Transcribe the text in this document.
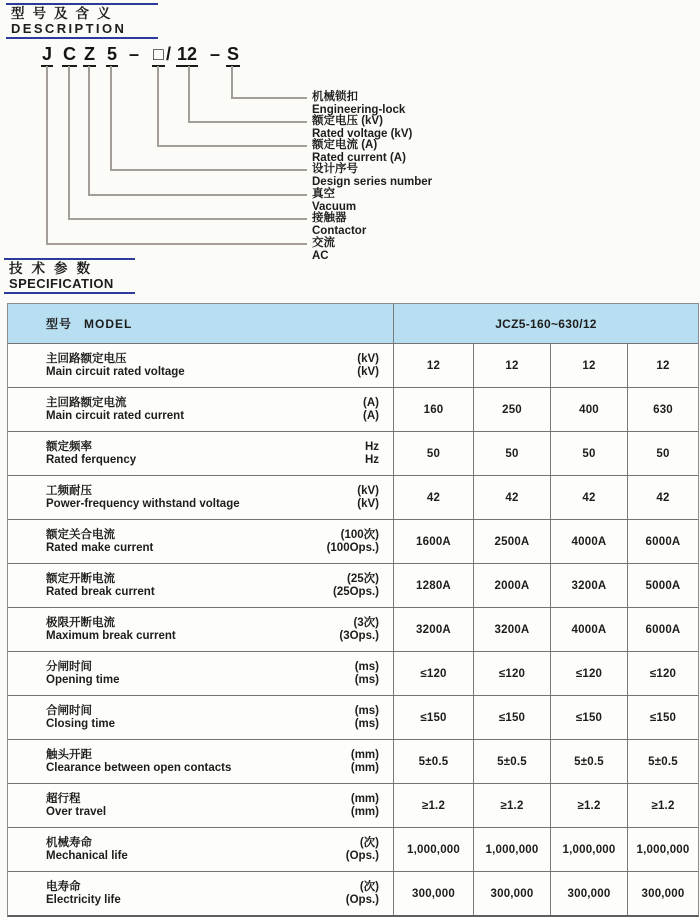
型号及含义
DESCRIPTION
J C Z 5 – □ / 12 – S
机械锁扣
Engineering-lock
额定电压 (kV)
Rated voltage (kV)
额定电流 (A)
Rated current (A)
设计序号
Design series number
真空
Vacuum
接触器
Contactor
交流
AC
技术参数
SPECIFICATION
型号 MODEL	JCZ5-160~630/12
主回路额定电压
Main circuit rated voltage
(kV)
(kV)	12	12	12	12
主回路额定电流
Main circuit rated current
(A)
(A)	160	250	400	630
额定频率
Rated ferquency
Hz
Hz	50	50	50	50
工频耐压
Power-frequency withstand voltage
(kV)
(kV)	42	42	42	42
额定关合电流
Rated make current
(100次)
(100Ops.)	1600A	2500A	4000A	6000A
额定开断电流
Rated break current
(25次)
(25Ops.)	1280A	2000A	3200A	5000A
极限开断电流
Maximum break current
(3次)
(3Ops.)	3200A	3200A	4000A	6000A
分闸时间
Opening time
(ms)
(ms)	≤120	≤120	≤120	≤120
合闸时间
Closing time
(ms)
(ms)	≤150	≤150	≤150	≤150
触头开距
Clearance between open contacts
(mm)
(mm)	5±0.5	5±0.5	5±0.5	5±0.5
超行程
Over travel
(mm)
(mm)	≥1.2	≥1.2	≥1.2	≥1.2
机械寿命
Mechanical life
(次)
(Ops.)	1,000,000	1,000,000	1,000,000	1,000,000
电寿命
Electricity life
(次)
(Ops.)	300,000	300,000	300,000	300,000
